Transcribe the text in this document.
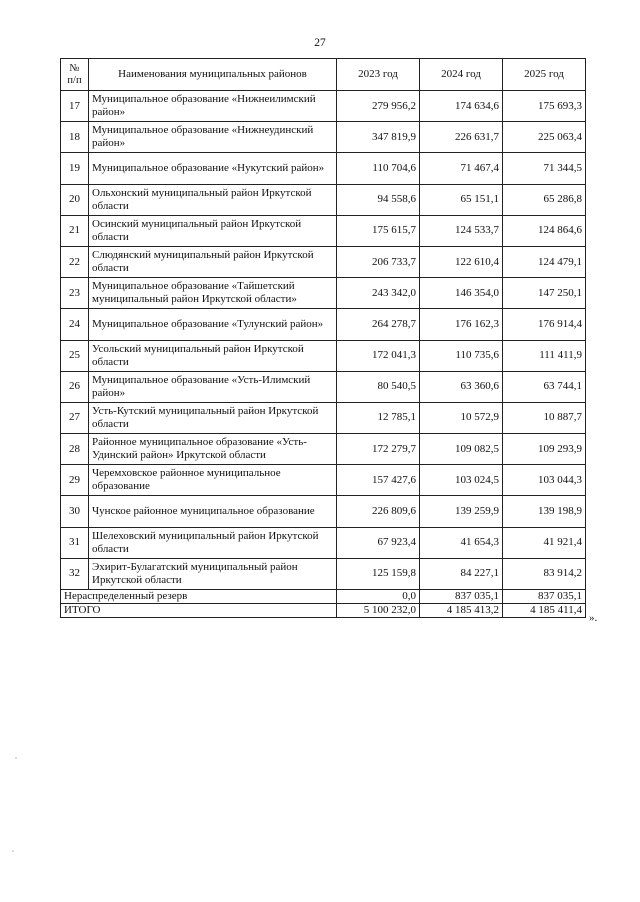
27
№ п/п	Наименования муниципальных районов	2023 год	2024 год	2025 год
17	Муниципальное образование «Нижнеилимский район»	279 956,2	174 634,6	175 693,3
18	Муниципальное образование «Нижнеудинский район»	347 819,9	226 631,7	225 063,4
19	Муниципальное образование «Нукутский район»	110 704,6	71 467,4	71 344,5
20	Ольхонский муниципальный район Иркутской области	94 558,6	65 151,1	65 286,8
21	Осинский муниципальный район Иркутской области	175 615,7	124 533,7	124 864,6
22	Слюдянский муниципальный район Иркутской области	206 733,7	122 610,4	124 479,1
23	Муниципальное образование «Тайшетский муниципальный район Иркутской области»	243 342,0	146 354,0	147 250,1
24	Муниципальное образование «Тулунский район»	264 278,7	176 162,3	176 914,4
25	Усольский муниципальный район Иркутской области	172 041,3	110 735,6	111 411,9
26	Муниципальное образование «Усть-Илимский район»	80 540,5	63 360,6	63 744,1
27	Усть-Кутский муниципальный район Иркутской области	12 785,1	10 572,9	10 887,7
28	Районное муниципальное образование «Усть-Удинский район» Иркутской области	172 279,7	109 082,5	109 293,9
29	Черемховское районное муниципальное образование	157 427,6	103 024,5	103 044,3
30	Чунское районное муниципальное образование	226 809,6	139 259,9	139 198,9
31	Шелеховский муниципальный район Иркутской области	67 923,4	41 654,3	41 921,4
32	Эхирит-Булагатский муниципальный район Иркутской области	125 159,8	84 227,1	83 914,2
Нераспределенный резерв		0,0	837 035,1	837 035,1
ИТОГО		5 100 232,0	4 185 413,2	4 185 411,4
».
